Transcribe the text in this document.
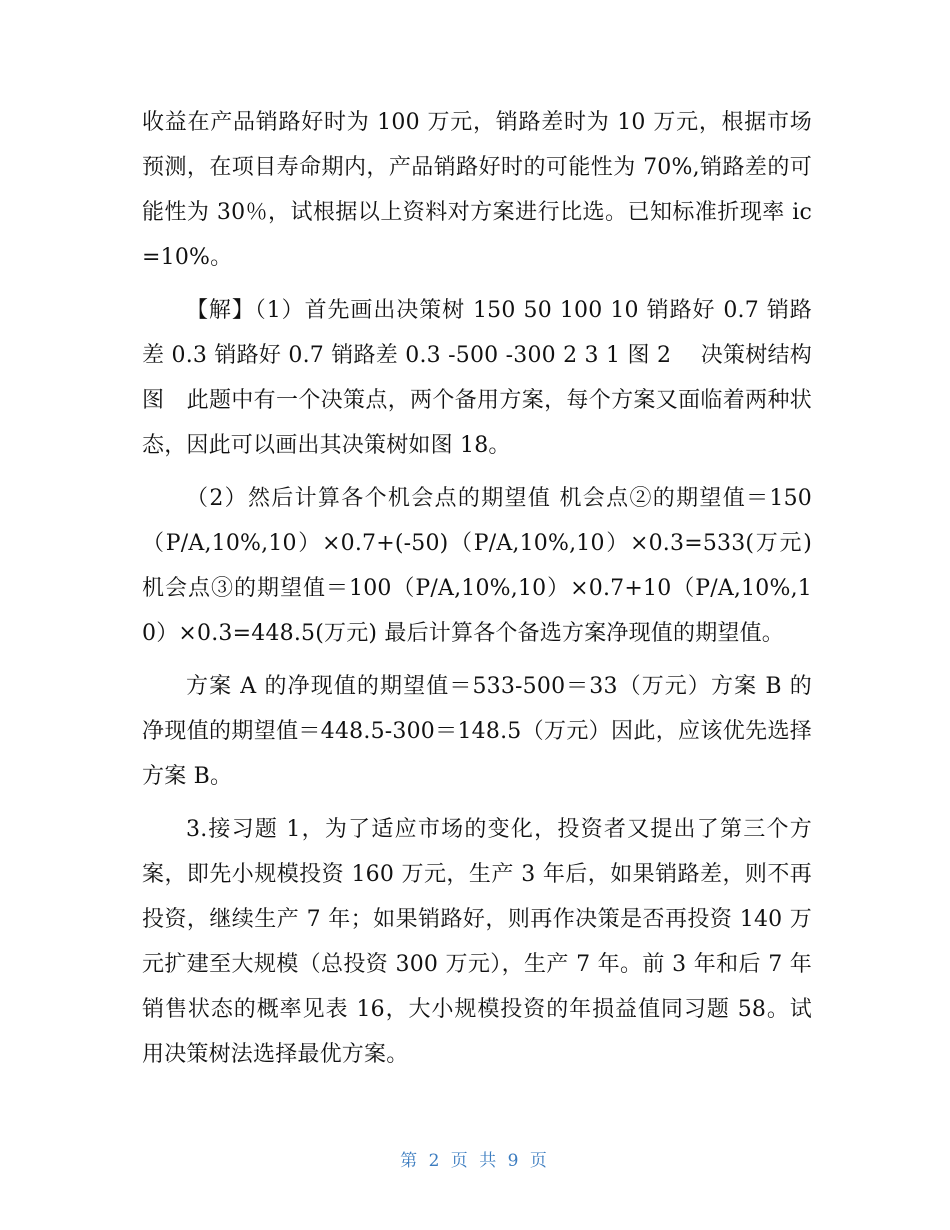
收益在产品销路好时为 100 万元，销路差时为 10 万元，根据市场预测，在项目寿命期内，产品销路好时的可能性为 70%,销路差的可能性为 30％，试根据以上资料对方案进行比选。已知标准折现率 ic=10%。

【解】（1）首先画出决策树 150 50 100 10 销路好 0.7 销路差 0.3 销路好 0.7 销路差 0.3 -500 -300 2 3 1 图 2　 决策树结构图　此题中有一个决策点，两个备用方案，每个方案又面临着两种状态，因此可以画出其决策树如图 18。

（2）然后计算各个机会点的期望值 机会点②的期望值＝150（P/A,10%,10）×0.7+(-50)（P/A,10%,10）×0.3=533(万元) 机会点③的期望值＝100（P/A,10%,10）×0.7+10（P/A,10%,10）×0.3=448.5(万元) 最后计算各个备选方案净现值的期望值。

方案 A 的净现值的期望值＝533-500＝33（万元）方案 B 的净现值的期望值＝448.5-300＝148.5（万元）因此，应该优先选择方案 B。

3.接习题 1，为了适应市场的变化，投资者又提出了第三个方案，即先小规模投资 160 万元，生产 3 年后，如果销路差，则不再投资，继续生产 7 年；如果销路好，则再作决策是否再投资 140 万元扩建至大规模（总投资 300 万元），生产 7 年。前 3 年和后 7 年销售状态的概率见表 16，大小规模投资的年损益值同习题 58。试用决策树法选择最优方案。

第 2 页 共 9 页
